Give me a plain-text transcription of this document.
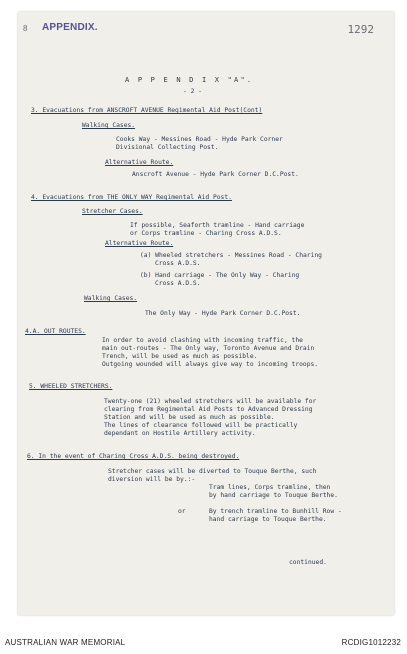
8 APPENDIX.	1292
A P P E N D I X "A".
- 2 -
3. Evacuations from ANSCROFT AVENUE Regimental Aid Post(Cont)
Walking Cases.
Cooks Way - Messines Road - Hyde Park Corner
Divisional Collecting Post.
Alternative Route.
Anscroft Avenue - Hyde Park Corner D.C.Post.
4. Evacuations from THE ONLY WAY Regimental Aid Post.
Stretcher Cases.
If possible, Seaforth tramline - Hand carriage
or Corps tramline - Charing Cross A.D.S.
Alternative Route.
(a) Wheeled stretchers - Messines Road - Charing
Cross A.D.S.
(b) Hand carriage - The Only Way - Charing
Cross A.D.S.
Walking Cases.
The Only Way - Hyde Park Corner D.C.Post.
4.A. OUT ROUTES.
In order to avoid clashing with incoming traffic, the
main out-routes - The Only way, Toronto Avenue and Drain
Trench, will be used as much as possible.
Outgoing wounded will always give way to incoming troops.
5. WHEELED STRETCHERS.
Twenty-one (21) wheeled stretchers will be available for
clearing from Regimental Aid Posts to Advanced Dressing
Station and will be used as much as possible.
The lines of clearance followed will be practically
dependant on Hostile Artillery activity.
6. In the event of Charing Cross A.D.S. being destroyed.
Stretcher cases will be diverted to Touque Berthe, such
diversion will be by.:-
Tram lines, Corps tramline, then
by hand carriage to Touque Berthe.
or	By trench tramline to Bunhill Row -
hand carriage to Touque Berthe.
continued.
AUSTRALIAN WAR MEMORIAL	RCDIG1012232
